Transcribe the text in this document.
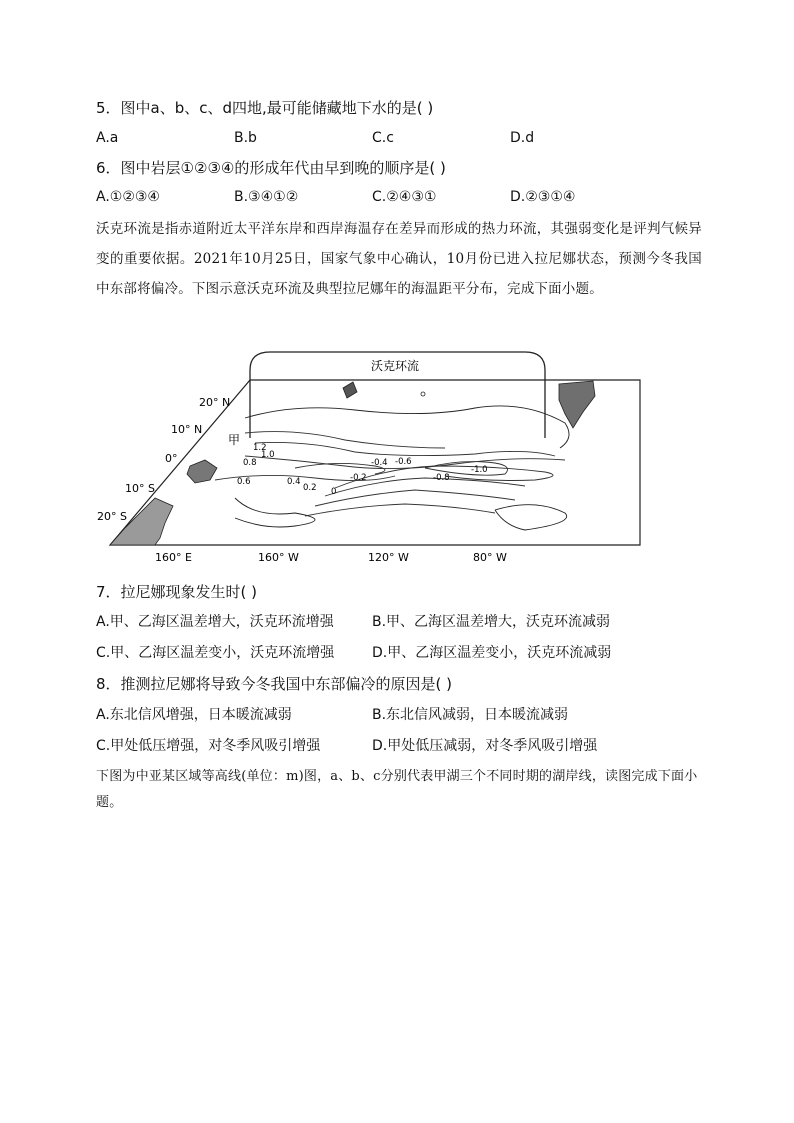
5．图中a、b、c、d四地,最可能储藏地下水的是( )
A.a	B.b	C.c	D.d
6．图中岩层①②③④的形成年代由早到晚的顺序是( )
A.①②③④	B.③④①②	C.②④③①	D.②③①④
沃克环流是指赤道附近太平洋东岸和西岸海温存在差异而形成的热力环流，其强弱变化是评判气候异变的重要依据。2021年10月25日，国家气象中心确认，10月份已进入拉尼娜状态，预测今冬我国中东部将偏冷。下图示意沃克环流及典型拉尼娜年的海温距平分布，完成下面小题。
20° N
10° N
0°
10° S
20° S
160° E	160° W	120° W	80° W
沃克环流
甲
1.2
1.0
0.8
0.6	0.4
0.2 0
-0.2
-0.4 -0.6
-1.0
-0.8
7．拉尼娜现象发生时( )
A.甲、乙海区温差增大，沃克环流增强	B.甲、乙海区温差增大，沃克环流减弱
C.甲、乙海区温差变小，沃克环流增强	D.甲、乙海区温差变小，沃克环流减弱
8．推测拉尼娜将导致今冬我国中东部偏冷的原因是( )
A.东北信风增强，日本暖流减弱	B.东北信风减弱，日本暖流减弱
C.甲处低压增强，对冬季风吸引增强	D.甲处低压减弱，对冬季风吸引增强
下图为中亚某区域等高线(单位：m)图，a、b、c分别代表甲湖三个不同时期的湖岸线，读图完成下面小题。
